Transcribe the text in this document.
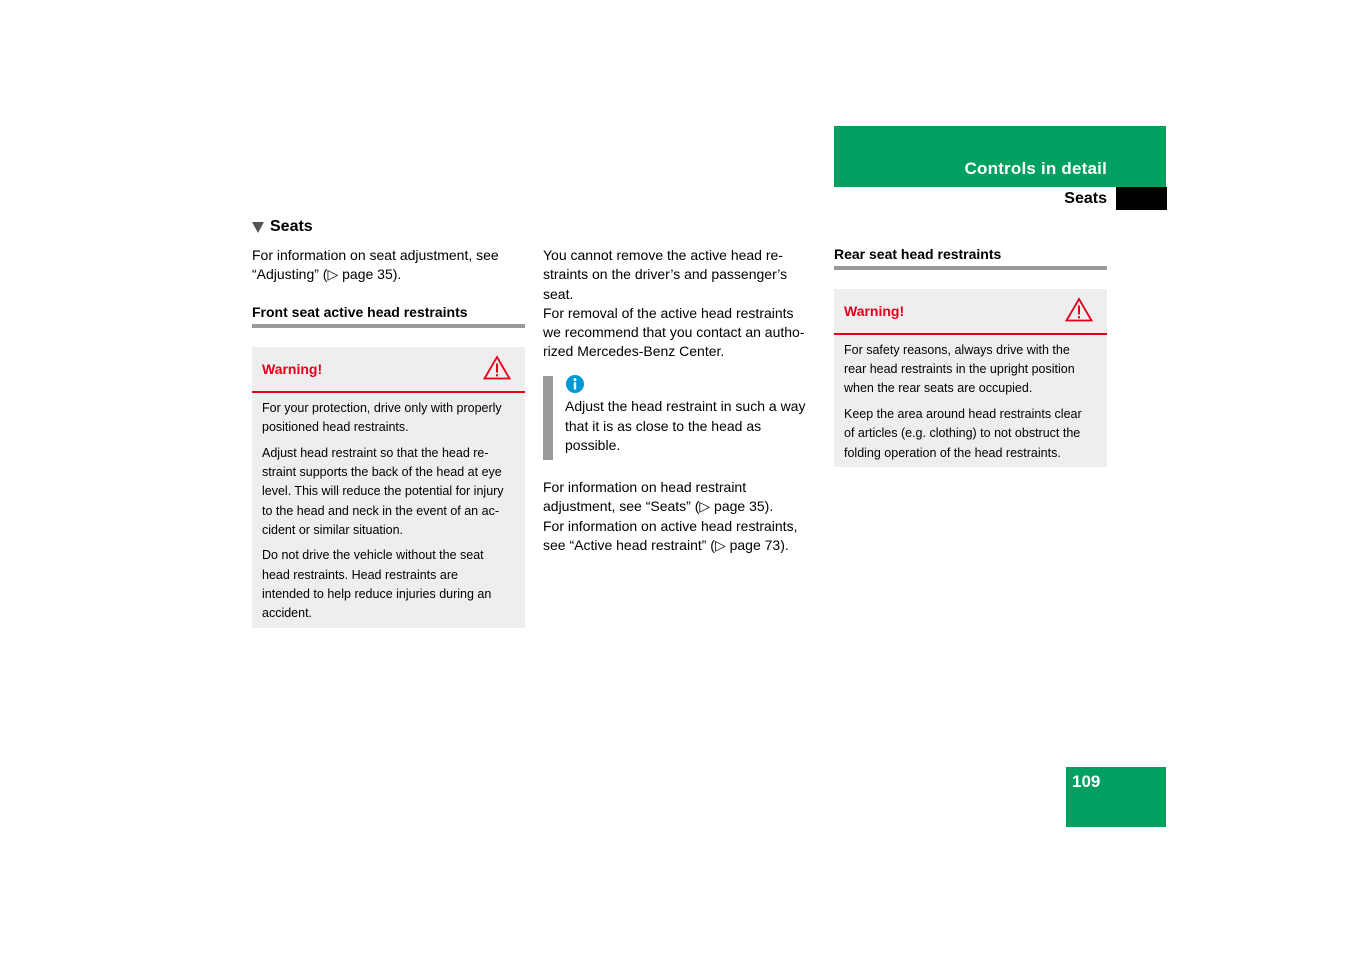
Controls in detail
Seats
Seats
For information on seat adjustment, see
“Adjusting” (▷ page 35).
Front seat active head restraints
Warning!

For your protection, drive only with properly
positioned head restraints.

Adjust head restraint so that the head re-
straint supports the back of the head at eye
level. This will reduce the potential for injury
to the head and neck in the event of an ac-
cident or similar situation.

Do not drive the vehicle without the seat
head restraints. Head restraints are
intended to help reduce injuries during an
accident.

You cannot remove the active head re-
straints on the driver’s and passenger’s
seat.
For removal of the active head restraints
we recommend that you contact an autho-
rized Mercedes-Benz Center.
Adjust the head restraint in such a way
that it is as close to the head as
possible.
For information on head restraint
adjustment, see “Seats” (▷ page 35).
For information on active head restraints,
see “Active head restraint” (▷ page 73).
Rear seat head restraints
Warning!

For safety reasons, always drive with the
rear head restraints in the upright position
when the rear seats are occupied.

Keep the area around head restraints clear
of articles (e.g. clothing) to not obstruct the
folding operation of the head restraints.

109
